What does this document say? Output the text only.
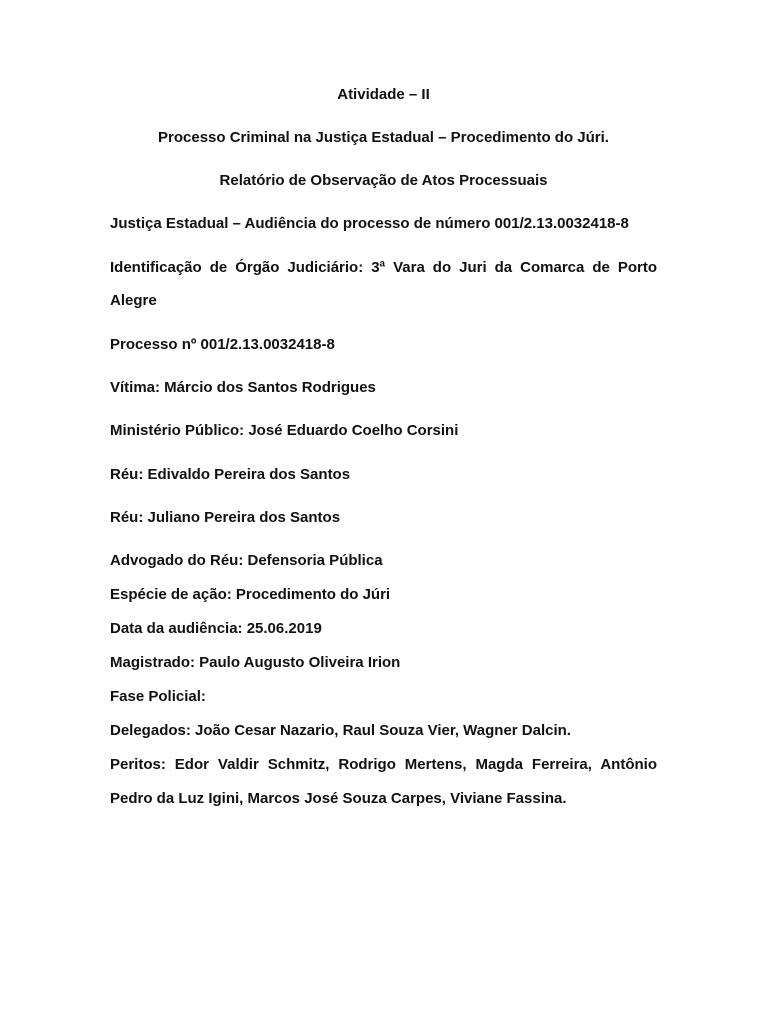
Atividade – II
Processo Criminal na Justiça Estadual – Procedimento do Júri.
Relatório de Observação de Atos Processuais
Justiça Estadual – Audiência do processo de número 001/2.13.0032418-8
Identificação de Órgão Judiciário: 3ª Vara do Juri da Comarca de Porto
Alegre
Processo nº 001/2.13.0032418-8
Vítima: Márcio dos Santos Rodrigues
Ministério Público: José Eduardo Coelho Corsini
Réu: Edivaldo Pereira dos Santos
Réu: Juliano Pereira dos Santos
Advogado do Réu: Defensoria Pública
Espécie de ação: Procedimento do Júri
Data da audiência: 25.06.2019
Magistrado: Paulo Augusto Oliveira Irion
Fase Policial:
Delegados: João Cesar Nazario, Raul Souza Vier, Wagner Dalcin.
Peritos: Edor Valdir Schmitz, Rodrigo Mertens, Magda Ferreira, Antônio
Pedro da Luz Igini, Marcos José Souza Carpes, Viviane Fassina.
